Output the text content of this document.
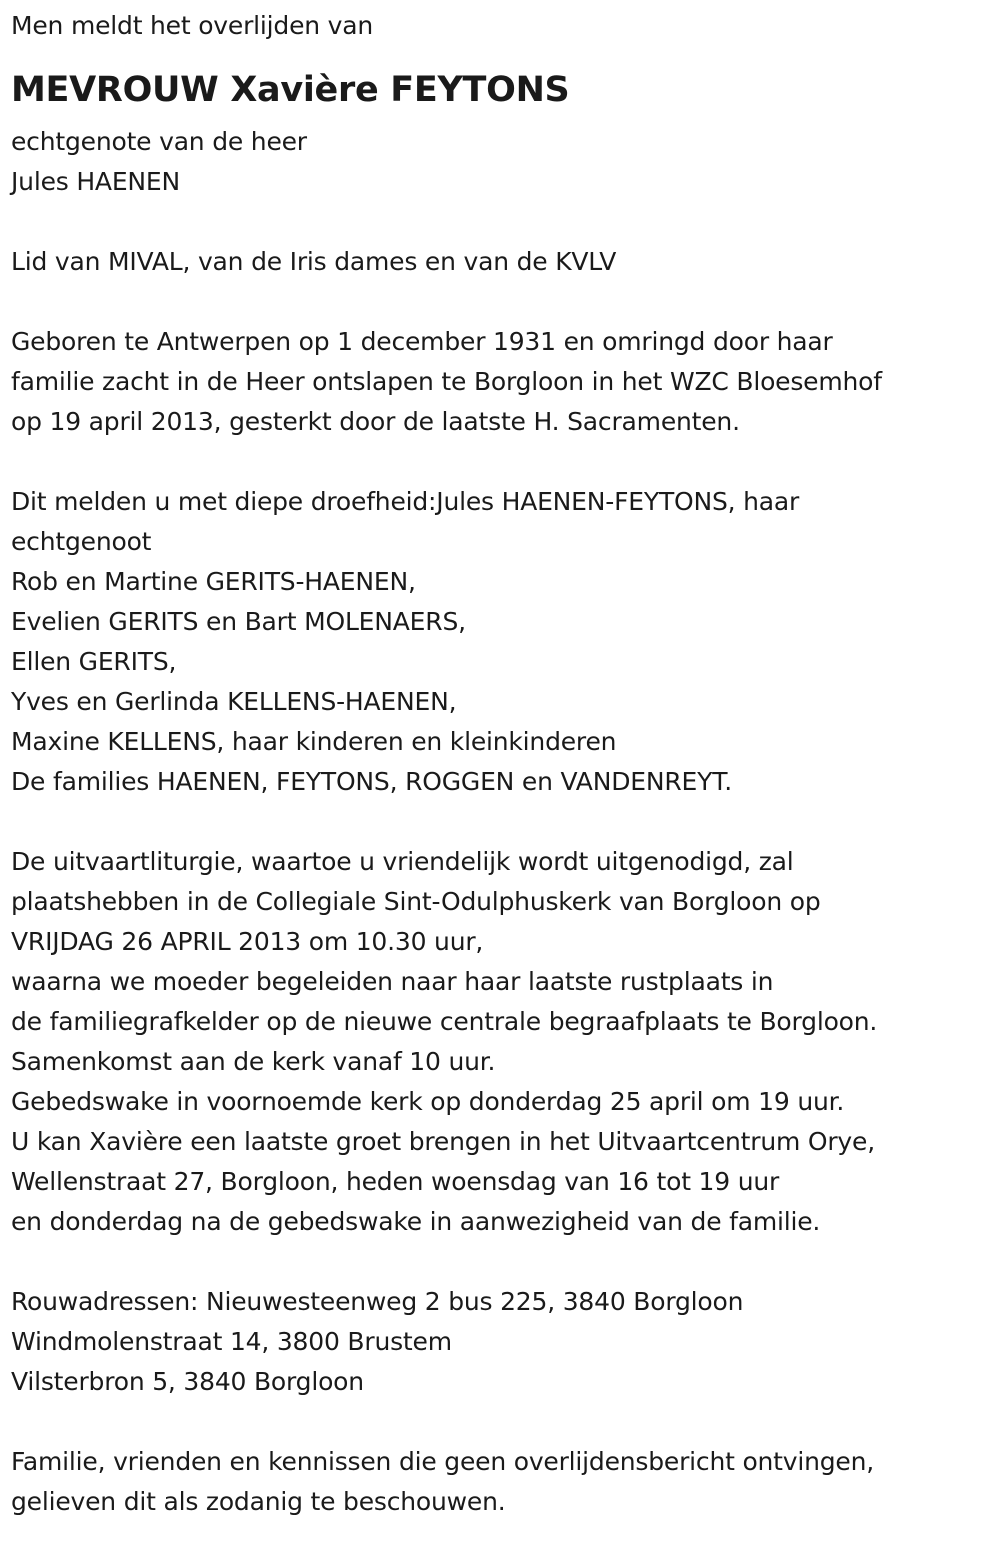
Men meldt het overlijden van
MEVROUW Xavière FEYTONS
echtgenote van de heer
Jules HAENEN
Lid van MIVAL, van de Iris dames en van de KVLV
Geboren te Antwerpen op 1 december 1931 en omringd door haar
familie zacht in de Heer ontslapen te Borgloon in het WZC Bloesemhof
op 19 april 2013, gesterkt door de laatste H. Sacramenten.
Dit melden u met diepe droefheid:Jules HAENEN-FEYTONS, haar
echtgenoot
Rob en Martine GERITS-HAENEN,
Evelien GERITS en Bart MOLENAERS,
Ellen GERITS,
Yves en Gerlinda KELLENS-HAENEN,
Maxine KELLENS, haar kinderen en kleinkinderen
De families HAENEN, FEYTONS, ROGGEN en VANDENREYT.
De uitvaartliturgie, waartoe u vriendelijk wordt uitgenodigd, zal
plaatshebben in de Collegiale Sint-Odulphuskerk van Borgloon op
VRIJDAG 26 APRIL 2013 om 10.30 uur,
waarna we moeder begeleiden naar haar laatste rustplaats in
de familiegrafkelder op de nieuwe centrale begraafplaats te Borgloon.
Samenkomst aan de kerk vanaf 10 uur.
Gebedswake in voornoemde kerk op donderdag 25 april om 19 uur.
U kan Xavière een laatste groet brengen in het Uitvaartcentrum Orye,
Wellenstraat 27, Borgloon, heden woensdag van 16 tot 19 uur
en donderdag na de gebedswake in aanwezigheid van de familie.
Rouwadressen: Nieuwesteenweg 2 bus 225, 3840 Borgloon
Windmolenstraat 14, 3800 Brustem
Vilsterbron 5, 3840 Borgloon
Familie, vrienden en kennissen die geen overlijdensbericht ontvingen,
gelieven dit als zodanig te beschouwen.
